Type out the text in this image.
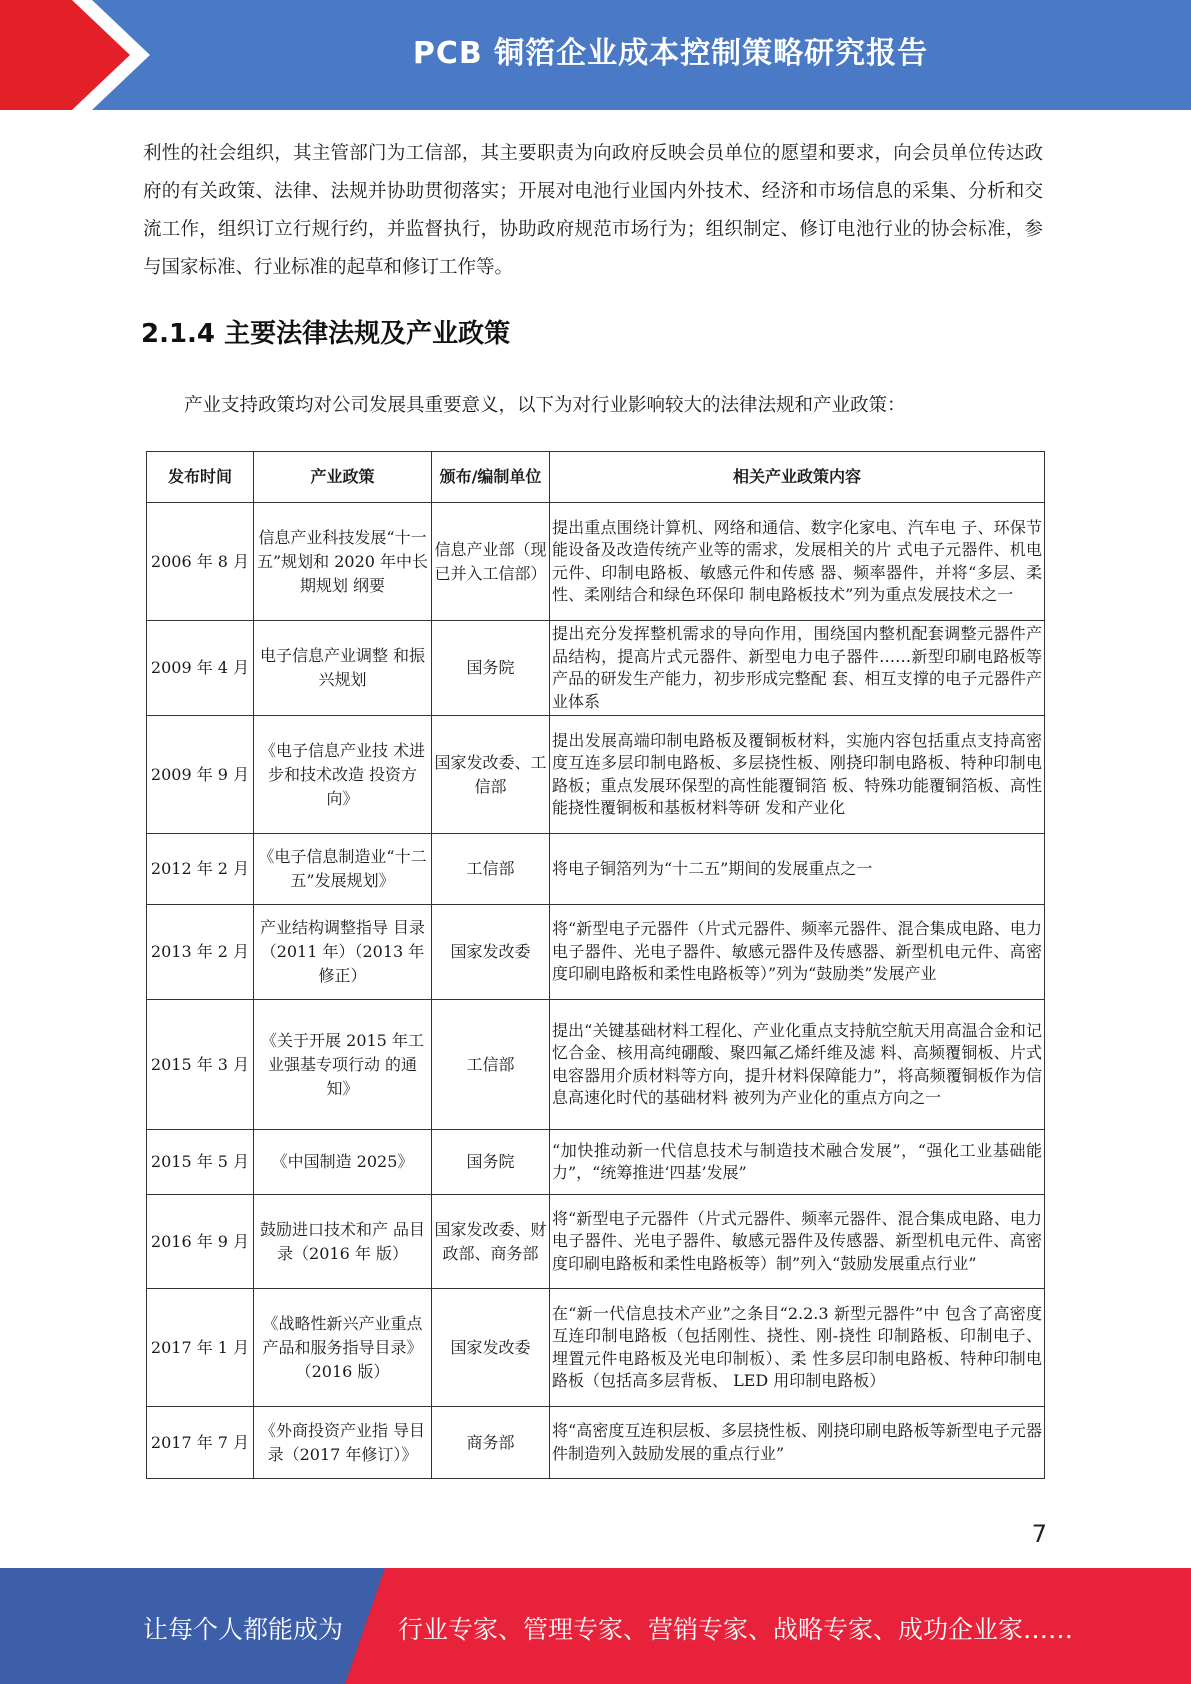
PCB 铜箔企业成本控制策略研究报告
利性的社会组织，其主管部门为工信部，其主要职责为向政府反映会员单位的愿望和要求，向会员单位传达政府的有关政策、法律、法规并协助贯彻落实；开展对电池行业国内外技术、经济和市场信息的采集、分析和交流工作，组织订立行规行约，并监督执行，协助政府规范市场行为；组织制定、修订电池行业的协会标准，参与国家标准、行业标准的起草和修订工作等。
2.1.4 主要法律法规及产业政策
产业支持政策均对公司发展具重要意义，以下为对行业影响较大的法律法规和产业政策：
发布时间	产业政策	颁布/编制单位	相关产业政策内容
2006 年 8 月	信息产业科技发展“十一五”规划和 2020 年中长期规划 纲要	信息产业部（现已并入工信部）	提出重点围绕计算机、网络和通信、数字化家电、汽车电 子、环保节能设备及改造传统产业等的需求，发展相关的片 式电子元器件、机电元件、印制电路板、敏感元件和传感 器、频率器件，并将“多层、柔性、柔刚结合和绿色环保印 制电路板技术”列为重点发展技术之一
2009 年 4 月	电子信息产业调整 和振兴规划	国务院	提出充分发挥整机需求的导向作用，围绕国内整机配套调整元器件产品结构，提高片式元器件、新型电力电子器件……新型印刷电路板等产品的研发生产能力，初步形成完整配 套、相互支撑的电子元器件产业体系
2009 年 9 月	《电子信息产业技 术进步和技术改造 投资方向》	国家发改委、工信部	提出发展高端印制电路板及覆铜板材料，实施内容包括重点支持高密度互连多层印制电路板、多层挠性板、刚挠印制电路板、特种印制电路板；重点发展环保型的高性能覆铜箔 板、特殊功能覆铜箔板、高性能挠性覆铜板和基板材料等研 发和产业化
2012 年 2 月	《电子信息制造业“十二五”发展规划》	工信部	将电子铜箔列为“十二五”期间的发展重点之一
2013 年 2 月	产业结构调整指导 目录（2011 年）（2013 年修正）	国家发改委	将“新型电子元器件（片式元器件、频率元器件、混合集成电路、电力电子器件、光电子器件、敏感元器件及传感器、新型机电元件、高密度印刷电路板和柔性电路板等）”列为“鼓励类”发展产业
2015 年 3 月	《关于开展 2015 年工业强基专项行动 的通知》	工信部	提出“关键基础材料工程化、产业化重点支持航空航天用高温合金和记忆合金、核用高纯硼酸、聚四氟乙烯纤维及滤 料、高频覆铜板、片式电容器用介质材料等方向，提升材料保障能力”，将高频覆铜板作为信息高速化时代的基础材料 被列为产业化的重点方向之一
2015 年 5 月	《中国制造 2025》	国务院	“加快推动新一代信息技术与制造技术融合发展”，“强化工业基础能力”，“统筹推进‘四基’发展”
2016 年 9 月	鼓励进口技术和产 品目录（2016 年 版）	国家发改委、财政部、商务部	将“新型电子元器件（片式元器件、频率元器件、混合集成电路、电力电子器件、光电子器件、敏感元器件及传感器、新型机电元件、高密度印刷电路板和柔性电路板等）制”列入“鼓励发展重点行业”
2017 年 1 月	《战略性新兴产业重点产品和服务指导目录》（2016 版）	国家发改委	在“新一代信息技术产业”之条目“2.2.3 新型元器件”中 包含了高密度互连印制电路板（包括刚性、挠性、刚-挠性 印制路板、印制电子、埋置元件电路板及光电印制板）、柔 性多层印制电路板、特种印制电路板（包括高多层背板、 LED 用印制电路板）
2017 年 7 月	《外商投资产业指 导目录（2017 年修订）》	商务部	将“高密度互连积层板、多层挠性板、刚挠印刷电路板等新型电子元器件制造列入鼓励发展的重点行业”
7
让每个人都能成为 行业专家、管理专家、营销专家、战略专家、成功企业家……
